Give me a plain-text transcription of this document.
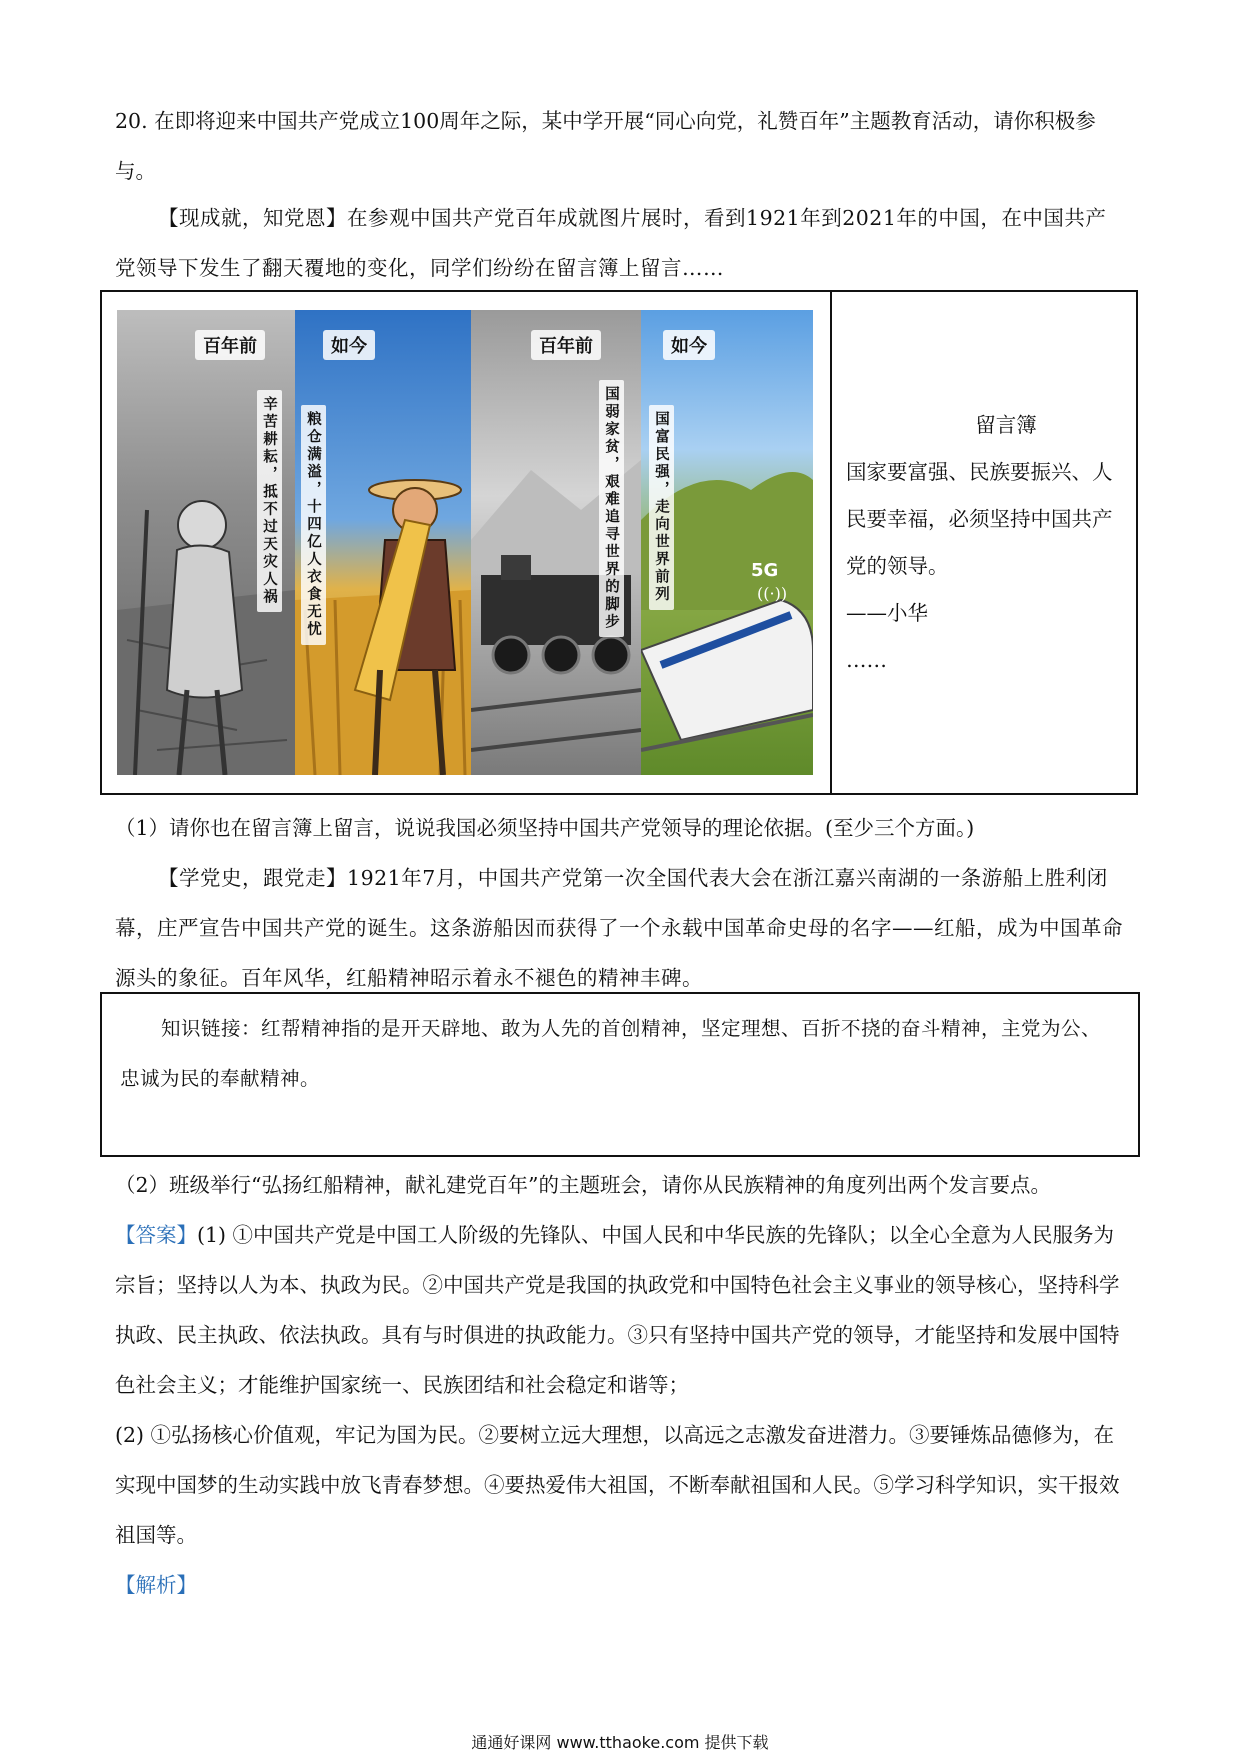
20. 在即将迎来中国共产党成立100周年之际，某中学开展“同心向党，礼赞百年”主题教育活动，请你积极参与。

【现成就，知党恩】在参观中国共产党百年成就图片展时，看到1921年到2021年的中国，在中国共产党领导下发生了翻天覆地的变化，同学们纷纷在留言簿上留言……

百年前
辛苦耕耘，抵不过天灾人祸
如今
粮仓满溢，十四亿人衣食无忧
百年前
国弱家贫，艰难追寻世界的脚步
如今
国富民强，走向世界前列	5G
((·))
留言簿
国家要富强、民族要振兴、人民要幸福，必须坚持中国共产党的领导。
——小华
……

（1）请你也在留言簿上留言，说说我国必须坚持中国共产党领导的理论依据。(至少三个方面。)

【学党史，跟党走】1921年7月，中国共产党第一次全国代表大会在浙江嘉兴南湖的一条游船上胜利闭幕，庄严宣告中国共产党的诞生。这条游船因而获得了一个永载中国革命史母的名字——红船，成为中国革命源头的象征。百年风华，红船精神昭示着永不褪色的精神丰碑。

知识链接：红帮精神指的是开天辟地、敢为人先的首创精神，坚定理想、百折不挠的奋斗精神，主党为公、忠诚为民的奉献精神。

（2）班级举行“弘扬红船精神，献礼建党百年”的主题班会，请你从民族精神的角度列出两个发言要点。

【答案】(1) ①中国共产党是中国工人阶级的先锋队、中国人民和中华民族的先锋队；以全心全意为人民服务为宗旨；坚持以人为本、执政为民。②中国共产党是我国的执政党和中国特色社会主义事业的领导核心，坚持科学执政、民主执政、依法执政。具有与时俱进的执政能力。③只有坚持中国共产党的领导，才能坚持和发展中国特色社会主义；才能维护国家统一、民族团结和社会稳定和谐等；

(2) ①弘扬核心价值观，牢记为国为民。②要树立远大理想，以高远之志激发奋进潜力。③要锤炼品德修为，在实现中国梦的生动实践中放飞青春梦想。④要热爱伟大祖国，不断奉献祖国和人民。⑤学习科学知识，实干报效祖国等。

【解析】

通通好课网 www.tthaoke.com 提供下载
